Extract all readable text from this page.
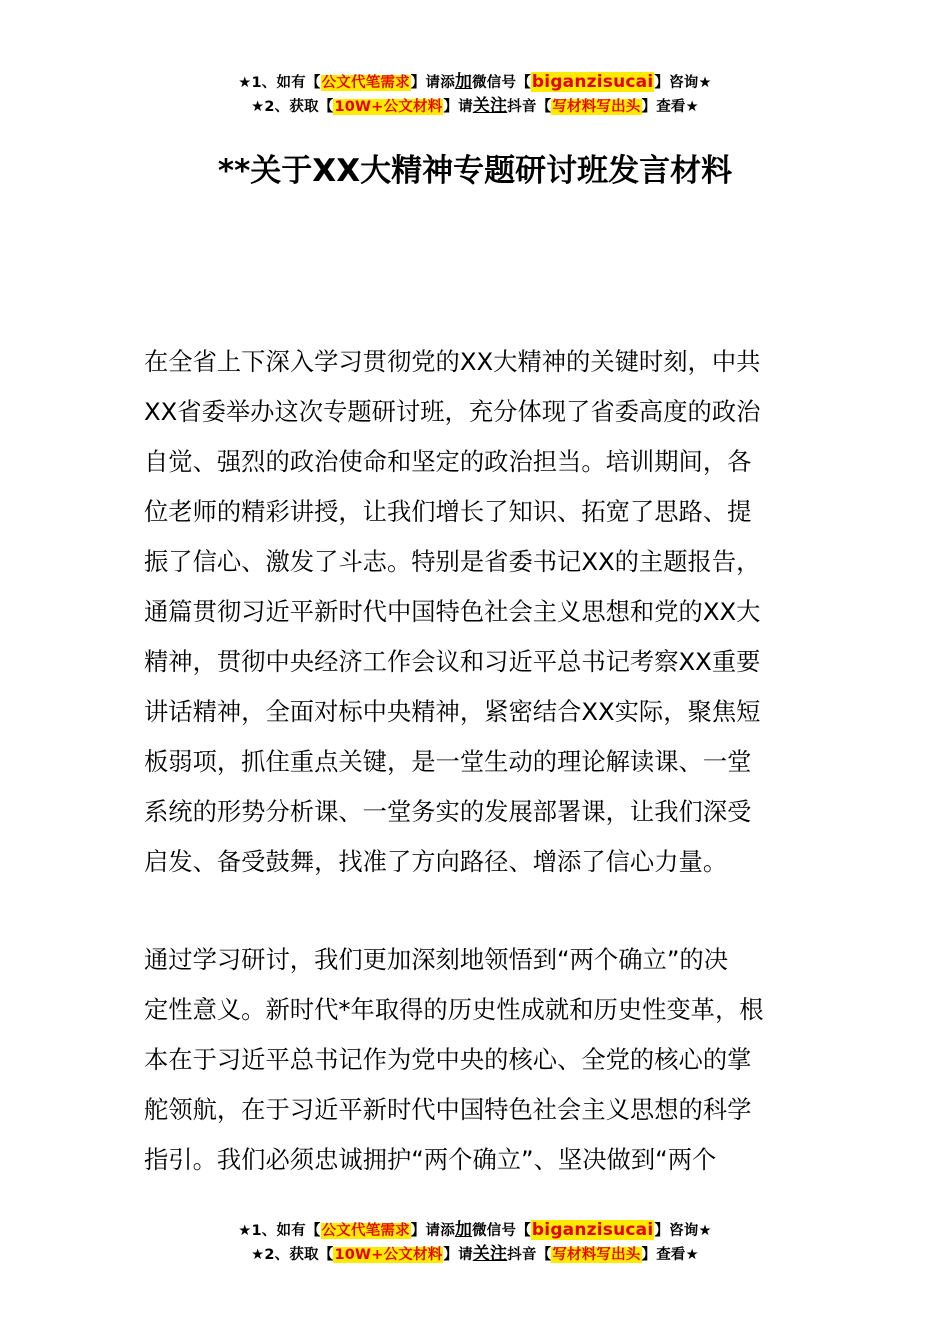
★1、如有【公文代笔需求】请添加微信号【biganzisucai】咨询★
★2、获取【10W+公文材料】请关注抖音【写材料写出头】查看★
**关于XX大精神专题研讨班发言材料
在全省上下深入学习贯彻党的XX大精神的关键时刻，中共
XX省委举办这次专题研讨班，充分体现了省委高度的政治
自觉、强烈的政治使命和坚定的政治担当。培训期间，各
位老师的精彩讲授，让我们增长了知识、拓宽了思路、提
振了信心、激发了斗志。特别是省委书记XX的主题报告，
通篇贯彻习近平新时代中国特色社会主义思想和党的XX大
精神，贯彻中央经济工作会议和习近平总书记考察XX重要
讲话精神，全面对标中央精神，紧密结合XX实际，聚焦短
板弱项，抓住重点关键，是一堂生动的理论解读课、一堂
系统的形势分析课、一堂务实的发展部署课，让我们深受
启发、备受鼓舞，找准了方向路径、增添了信心力量。
通过学习研讨，我们更加深刻地领悟到“两个确立”的决
定性意义。新时代*年取得的历史性成就和历史性变革，根
本在于习近平总书记作为党中央的核心、全党的核心的掌
舵领航，在于习近平新时代中国特色社会主义思想的科学
指引。我们必须忠诚拥护“两个确立”、坚决做到“两个
★1、如有【公文代笔需求】请添加微信号【biganzisucai】咨询★
★2、获取【10W+公文材料】请关注抖音【写材料写出头】查看★
